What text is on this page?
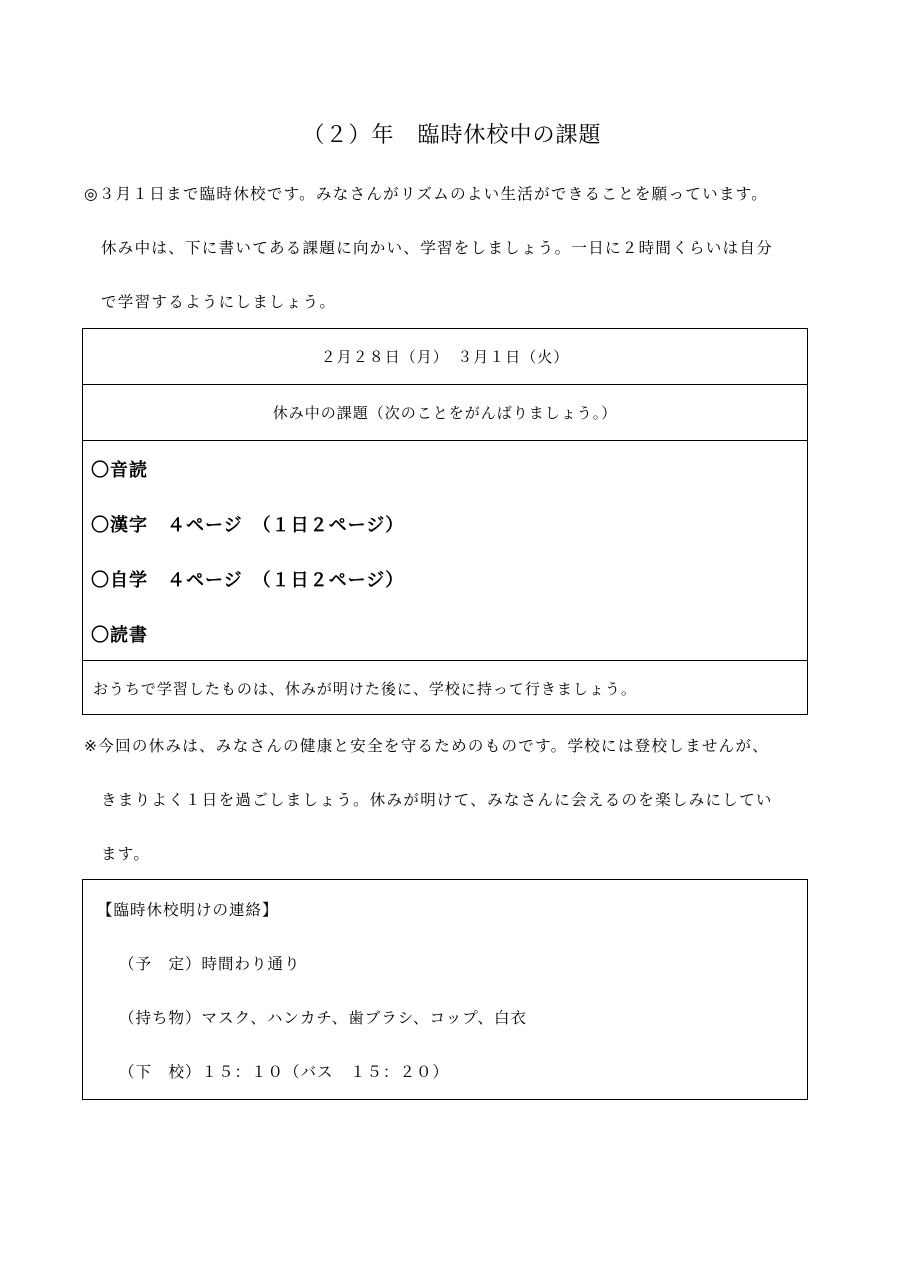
（２）年　臨時休校中の課題
◎３月１日まで臨時休校です。みなさんがリズムのよい生活ができることを願っています。
休み中は、下に書いてある課題に向かい、学習をしましょう。一日に２時間くらいは自分
で学習するようにしましょう。
２月２８日（月）　３月１日（火）
休み中の課題（次のことをがんばりましょう。）
〇音読
〇漢字　４ページ　（１日２ページ）
〇自学　４ページ　（１日２ページ）
〇読書
おうちで学習したものは、休みが明けた後に、学校に持って行きましょう。
※今回の休みは、みなさんの健康と安全を守るためのものです。学校には登校しませんが、
きまりよく１日を過ごしましょう。休みが明けて、みなさんに会えるのを楽しみにしてい
ます。
【臨時休校明けの連絡】
（予　定）時間わり通り
（持ち物）マスク、ハンカチ、歯ブラシ、コップ、白衣
（下　校）１５：１０（バス　１５：２０）
